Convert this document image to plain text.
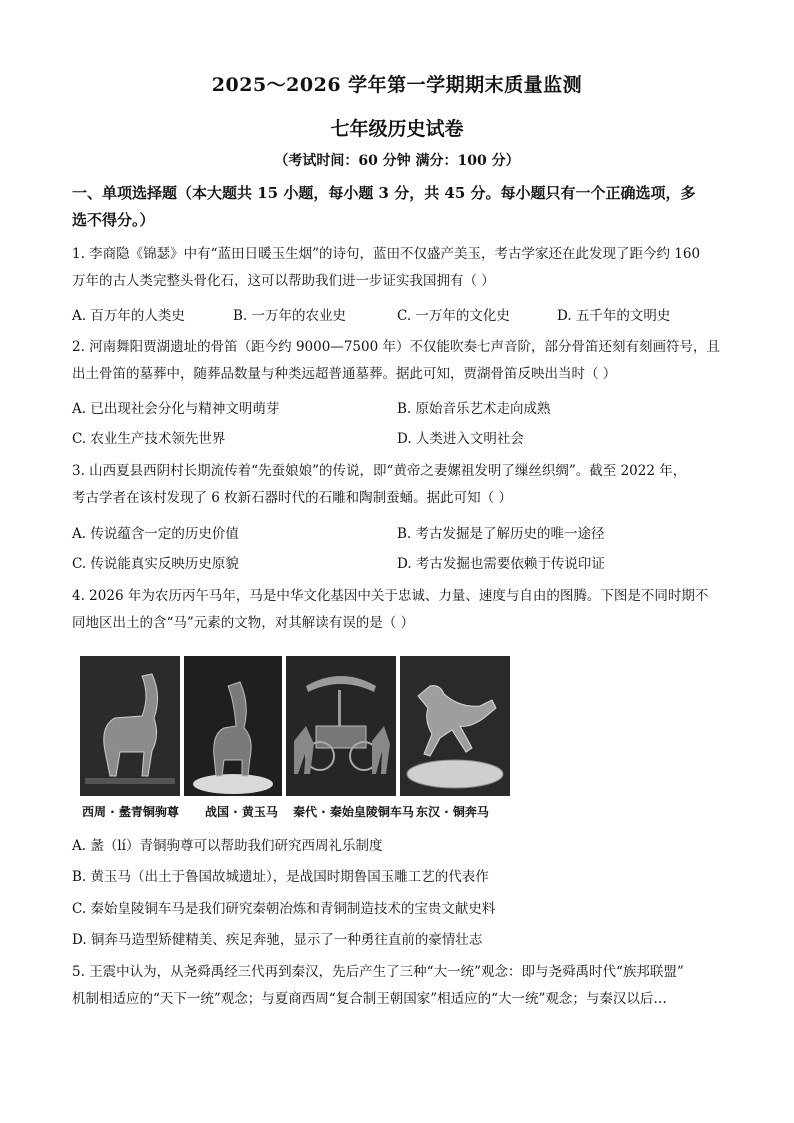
2025～2026 学年第一学期期末质量监测
七年级历史试卷
（考试时间：60 分钟 满分：100 分）
一、单项选择题（本大题共 15 小题，每小题 3 分，共 45 分。每小题只有一个正确选项，多
选不得分。）
1. 李商隐《锦瑟》中有“蓝田日暖玉生烟”的诗句，蓝田不仅盛产美玉，考古学家还在此发现了距今约 160
万年的古人类完整头骨化石，这可以帮助我们进一步证实我国拥有（ ）
A. 百万年的人类史	B. 一万年的农业史	C. 一万年的文化史	D. 五千年的文明史
2. 河南舞阳贾湖遗址的骨笛（距今约 9000—7500 年）不仅能吹奏七声音阶，部分骨笛还刻有刻画符号，且
出土骨笛的墓葬中，随葬品数量与种类远超普通墓葬。据此可知，贾湖骨笛反映出当时（ ）
A. 已出现社会分化与精神文明萌芽	B. 原始音乐艺术走向成熟
C. 农业生产技术领先世界	D. 人类进入文明社会
3. 山西夏县西阴村长期流传着“先蚕娘娘”的传说，即“黄帝之妻嫘祖发明了缫丝织绸”。截至 2022 年，
考古学者在该村发现了 6 枚新石器时代的石雕和陶制蚕蛹。据此可知（ ）
A. 传说蕴含一定的历史价值	B. 考古发掘是了解历史的唯一途径
C. 传说能真实反映历史原貌	D. 考古发掘也需要依赖于传说印证
4. 2026 年为农历丙午马年，马是中华文化基因中关于忠诚、力量、速度与自由的图腾。下图是不同时期不
同地区出土的含“马”元素的文物，对其解读有误的是（ ）
西周 · 盠青铜驹尊 战国 · 黄玉马 秦代 · 秦始皇陵铜车马 东汉 · 铜奔马
A. 盠（lí）青铜驹尊可以帮助我们研究西周礼乐制度
B. 黄玉马（出土于鲁国故城遗址），是战国时期鲁国玉雕工艺的代表作
C. 秦始皇陵铜车马是我们研究秦朝冶炼和青铜制造技术的宝贵文献史料
D. 铜奔马造型矫健精美、疾足奔驰，显示了一种勇往直前的豪情壮志
5. 王震中认为，从尧舜禹经三代再到秦汉，先后产生了三种“大一统”观念：即与尧舜禹时代“族邦联盟”
机制相适应的“天下一统”观念；与夏商西周“复合制王朝国家”相适应的“大一统”观念；与秦汉以后…
